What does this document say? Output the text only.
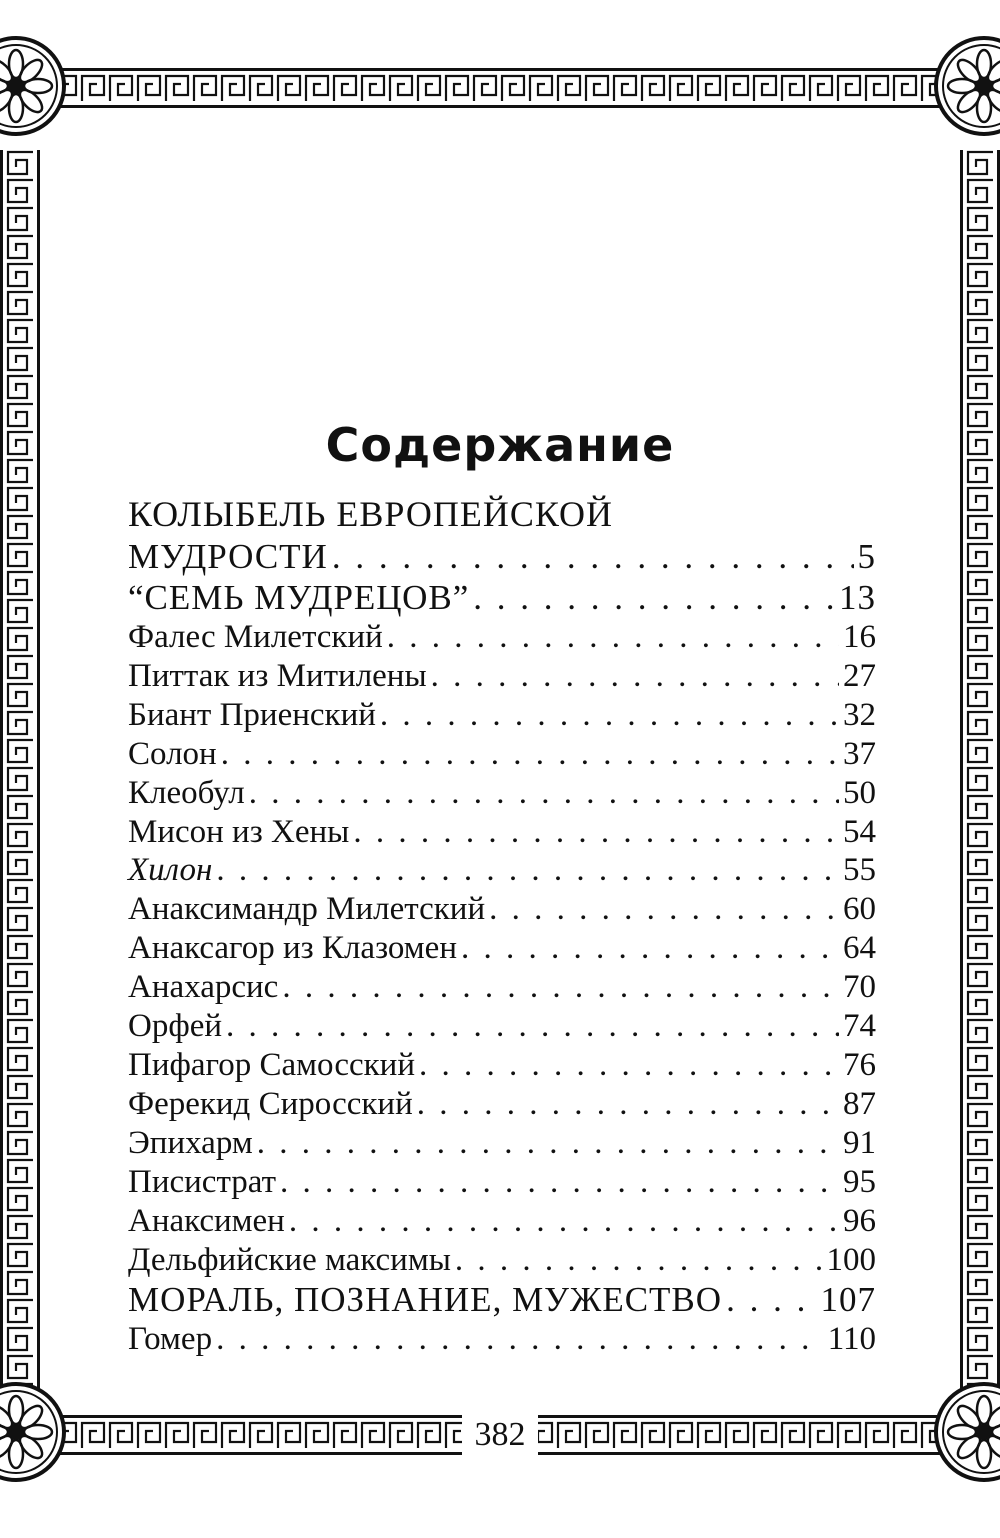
382
Содержание
КОЛЫБЕЛЬ ЕВРОПЕЙСКОЙ
МУДРОСТИ . . .	5
“СЕМЬ МУДРЕЦОВ” . . .	13
Фалес Милетский . . .	16
Питтак из Митилены . . .	27
Биант Приенский . . .	32
Солон . . .	37
Клеобул . . .	50
Мисон из Хены . . .	54
Хилон . . .	55
Анаксимандр Милетский . . .	60
Анаксагор из Клазомен . . .	64
Анахарсис . . .	70
Орфей . . .	74
Пифагор Самосский . . .	76
Ферекид Сиросский . . .	87
Эпихарм . . .	91
Писистрат . . .	95
Анаксимен . . .	96
Дельфийские максимы . . .	100
МОРАЛЬ, ПОЗНАНИЕ, МУЖЕСТВО . . .	107
Гомер . . .	110
